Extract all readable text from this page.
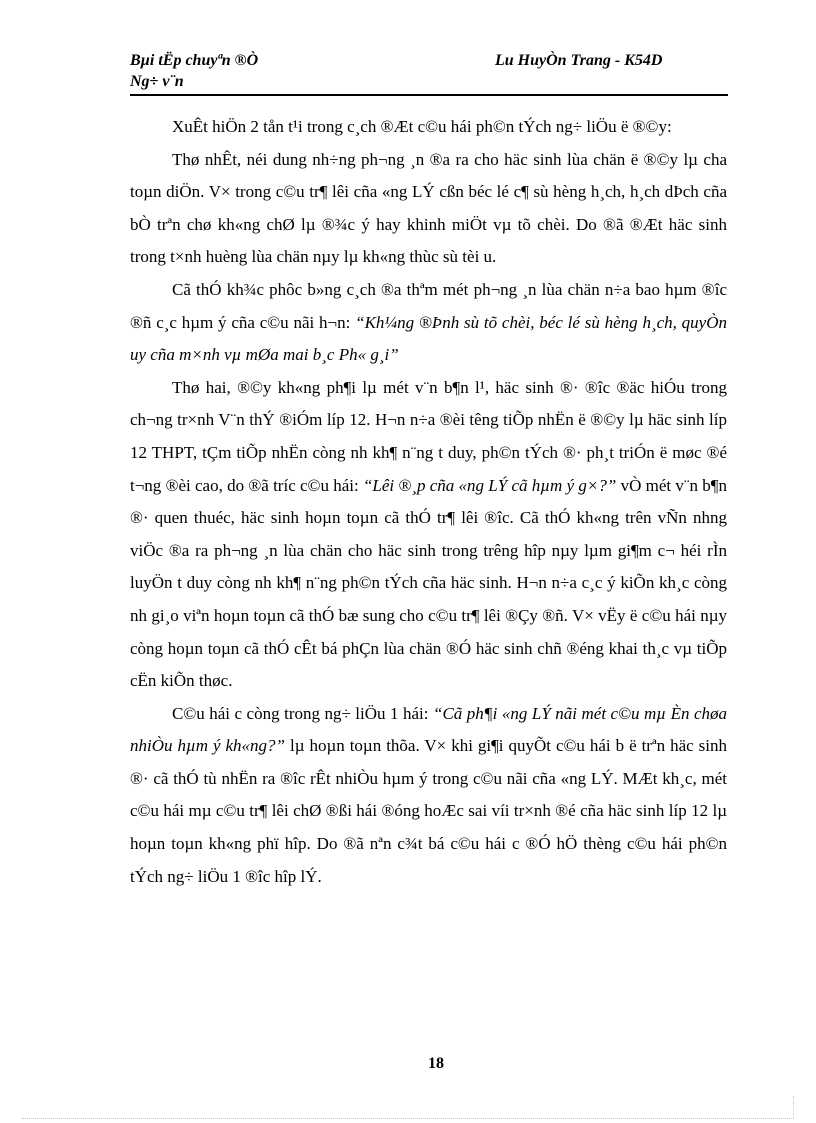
Bµi tËp chuyªn ®Ò
Ng÷ v¨n
Lu HuyÒn Trang - K54D

XuÊt hiÖn 2 tån t¹i trong c¸ch ®Æt c©u hái ph©n tÝch ng÷ liÖu ë ®©y:

Thø nhÊt, néi dung nh÷ng ph¬ng ¸n ®a ra cho häc sinh lùa chän ë ®©y lµ cha toµn diÖn. V× trong c©u tr¶ lêi cña «ng LÝ cßn béc lé c¶ sù hèng h¸ch, h¸ch dÞch cña bÒ trªn chø kh«ng chØ lµ ®¾c ý hay khinh miÖt vµ tõ chèi. Do ®ã ®Æt häc sinh trong t×nh huèng lùa chän nµy lµ kh«ng thùc sù tèi u.

Cã thÓ kh¾c phôc b»ng c¸ch ®a thªm mét ph¬ng ¸n lùa chän n÷a bao hµm ®îc ®ñ c¸c hµm ý cña c©u nãi h¬n: “Kh¼ng ®Þnh sù tõ chèi, béc lé sù hèng h¸ch, quyÒn uy cña m×nh vµ mØa mai b¸c Ph« g¸i”

Thø hai, ®©y kh«ng ph¶i lµ mét v¨n b¶n l¹, häc sinh ®· ®îc ®äc hiÓu trong ch¬ng tr×nh V¨n thÝ ®iÓm líp 12. H¬n n÷a ®èi têng tiÕp nhËn ë ®©y lµ häc sinh líp 12 THPT, tÇm tiÕp nhËn còng nh kh¶ n¨ng t duy, ph©n tÝch ®· ph¸t triÓn ë møc ®é t¬ng ®èi cao, do ®ã tríc c©u hái: “Lêi ®¸p cña «ng LÝ cã hµm ý g×?” vÒ mét v¨n b¶n ®· quen thuéc, häc sinh hoµn toµn cã thÓ tr¶ lêi ®îc. Cã thÓ kh«ng trên vÑn nhng viÖc ®a ra ph¬ng ¸n lùa chän cho häc sinh trong trêng hîp nµy lµm gi¶m c¬ héi rÌn luyÖn t duy còng nh kh¶ n¨ng ph©n tÝch cña häc sinh. H¬n n÷a c¸c ý kiÕn kh¸c còng nh gi¸o viªn hoµn toµn cã thÓ bæ sung cho c©u tr¶ lêi ®Çy ®ñ. V× vËy ë c©u hái nµy còng hoµn toµn cã thÓ cÊt bá phÇn lùa chän ®Ó häc sinh chñ ®éng khai th¸c vµ tiÕp cËn kiÕn thøc.

C©u hái c còng trong ng÷ liÖu 1 hái: “Cã ph¶i «ng LÝ nãi mét c©u mµ Èn chøa nhiÒu hµm ý kh«ng?” lµ hoµn toµn thõa. V× khi gi¶i quyÕt c©u hái b ë trªn häc sinh ®· cã thÓ tù nhËn ra ®îc rÊt nhiÒu hµm ý trong c©u nãi cña «ng LÝ. MÆt kh¸c, mét c©u hái mµ c©u tr¶ lêi chØ ®ßi hái ®óng hoÆc sai víi tr×nh ®é cña häc sinh líp 12 lµ hoµn toµn kh«ng phï hîp. Do ®ã nªn c¾t bá c©u hái c ®Ó hÖ thèng c©u hái ph©n tÝch ng÷ liÖu 1 ®îc hîp lÝ.

18
